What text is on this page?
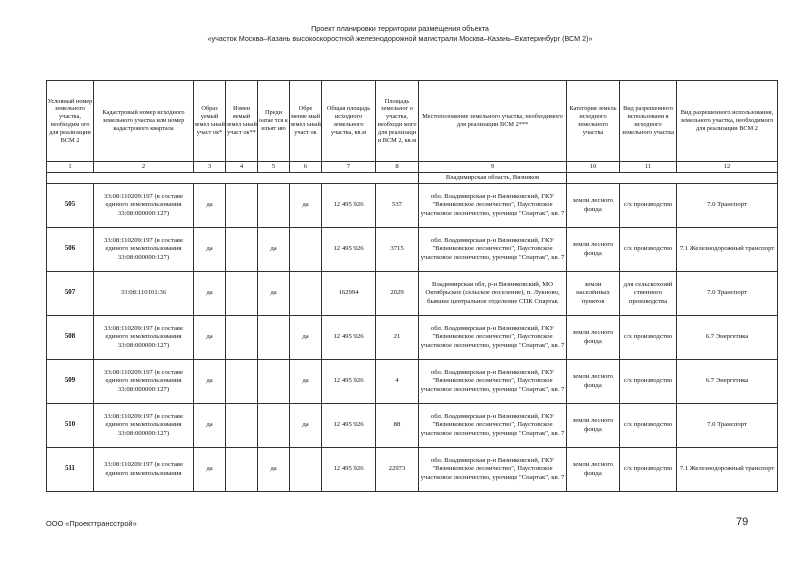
Проект планировки территории размещения объекта
«участок Москва–Казань высокоскоростной железнодорожной магистрали Москва–Казань–Екатеринбург (ВСМ 2)»
Условный номер земельного участка, необходим ого для реализации ВСМ 2	Кадастровый номер исходного земельного участка или номер кадастрового квартала	Образ уемый земел ьный участ ок*	Измен яемый земел ьный участ ок**	Преди оатае тся к изъят ию	Обре меняе мый земел ьный участ ок	Общая площадь исходного земельного участка, кв.м	Площадь земельног о участка, необходи мого для реализаци и ВСМ 2, кв.м	Местоположение земельного участка, необходимого для реализации ВСМ 2***	Категория земель исходного земельного участка	Вид разрешенного использовани я исходного земельного участка	Вид разрешенного использования, земельного участка, необходимого для реализации ВСМ 2
1	2	3	4	5	6	7	8	9	10	11	12
								Владимирская область, Вязников			
505	33:08:110209:197 (в составе единого землепользования 33:08:000000:127)	да			да	12 495 926	537	обл. Владимирская р-н Вязниковский, ГКУ "Вязниковское лесничество", Паустовское участковое лесничество, урочище "Спартак", кв. 7	земли лесного фонда	с/х производство	7.0 Транспорт
506	33:08:110209:197 (в составе единого землепользования 33:08:000000:127)	да		да		12 495 926	3715	обл. Владимирская р-н Вязниковский, ГКУ "Вязниковское лесничество", Паустовское участковое лесничество, урочище "Спартак", кв. 7	земли лесного фонда	с/х производство	7.1 Железнодорожный транспорт
507	33:08:110101:36	да		да		162994	2029	Владимирская обл, р-н Вязниковский, МО Октябрьское (сельское поселение), п. Лукново, бывшее центральное отделение СПК Спартак	земли населённых пунктов	для сельскохозяй ственного производства	7.0 Транспорт
508	33:08:110209:197 (в составе единого землепользования 33:08:000000:127)	да			да	12 495 926	21	обл. Владимирская р-н Вязниковский, ГКУ "Вязниковское лесничество", Паустовское участковое лесничество, урочище "Спартак", кв. 7	земли лесного фонда	с/х производство	6.7 Энергетика
509	33:08:110209:197 (в составе единого землепользования 33:08:000000:127)	да			да	12 495 926	4	обл. Владимирская р-н Вязниковский, ГКУ "Вязниковское лесничество", Паустовское участковое лесничество, урочище "Спартак", кв. 7	земли лесного фонда	с/х производство	6.7 Энергетика
510	33:08:110209:197 (в составе единого землепользования 33:08:000000:127)	да			да	12 495 926	88	обл. Владимирская р-н Вязниковский, ГКУ "Вязниковское лесничество", Паустовское участковое лесничество, урочище "Спартак", кв. 7	земли лесного фонда	с/х производство	7.0 Транспорт
511	33:08:110209:197 (в составе единого землепользования	да		да		12 495 926	22973	обл. Владимирская р-н Вязниковский, ГКУ "Вязниковское лесничество", Паустовское участковое лесничество, урочище "Спартак", кв. 7	земли лесного фонда	с/х производство	7.1 Железнодорожный транспорт
ООО «Проекттрансстрой»	79
